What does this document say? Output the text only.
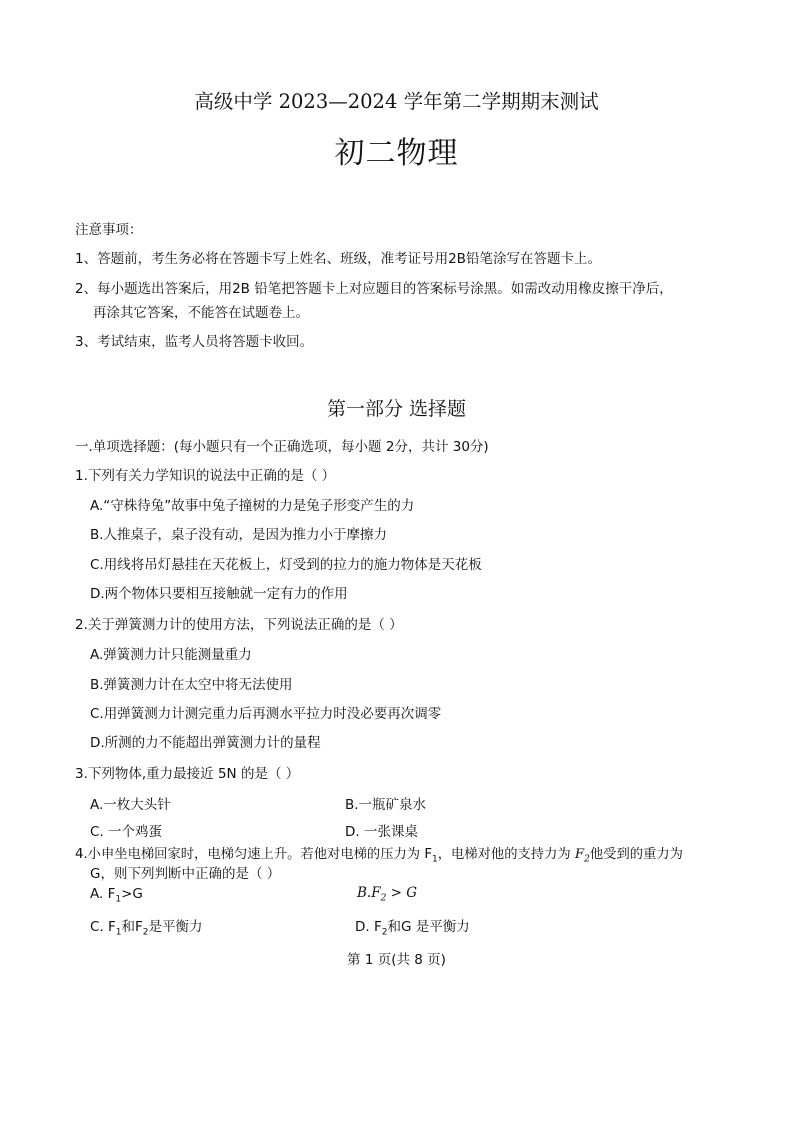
高级中学 2023—2024 学年第二学期期末测试
初二物理
注意事项：
1、答题前，考生务必将在答题卡写上姓名、班级，准考证号用2B铅笔涂写在答题卡上。
2、每小题选出答案后，用2B 铅笔把答题卡上对应题目的答案标号涂黑。如需改动用橡皮擦干净后，
再涂其它答案，不能答在试题卷上。
3、考试结束，监考人员将答题卡收回。
第一部分 选择题
一.单项选择题：(每小题只有一个正确选项，每小题 2分，共计 30分)
1.下列有关力学知识的说法中正确的是（ ）
A.“守株待兔”故事中兔子撞树的力是兔子形变产生的力
B.人推桌子，桌子没有动，是因为推力小于摩擦力
C.用线将吊灯悬挂在天花板上，灯受到的拉力的施力物体是天花板
D.两个物体只要相互接触就一定有力的作用
2.关于弹簧测力计的使用方法，下列说法正确的是（ ）
A.弹簧测力计只能测量重力
B.弹簧测力计在太空中将无法使用
C.用弹簧测力计测完重力后再测水平拉力时没必要再次调零
D.所测的力不能超出弹簧测力计的量程
3.下列物体,重力最接近 5N 的是（ ）
A.一枚大头针	B.一瓶矿泉水
C. 一个鸡蛋	D. 一张课桌
4.小申坐电梯回家时，电梯匀速上升。若他对电梯的压力为 $F_1$，电梯对他的支持力为 $F_2$他受到的重力为
G，则下列判断中正确的是（ ）
A. $F_1>G$	$B.F_2 > G$
C. $F_1$和$F_2$是平衡力	D. $F_2$和G 是平衡力
第 1 页(共 8 页)
